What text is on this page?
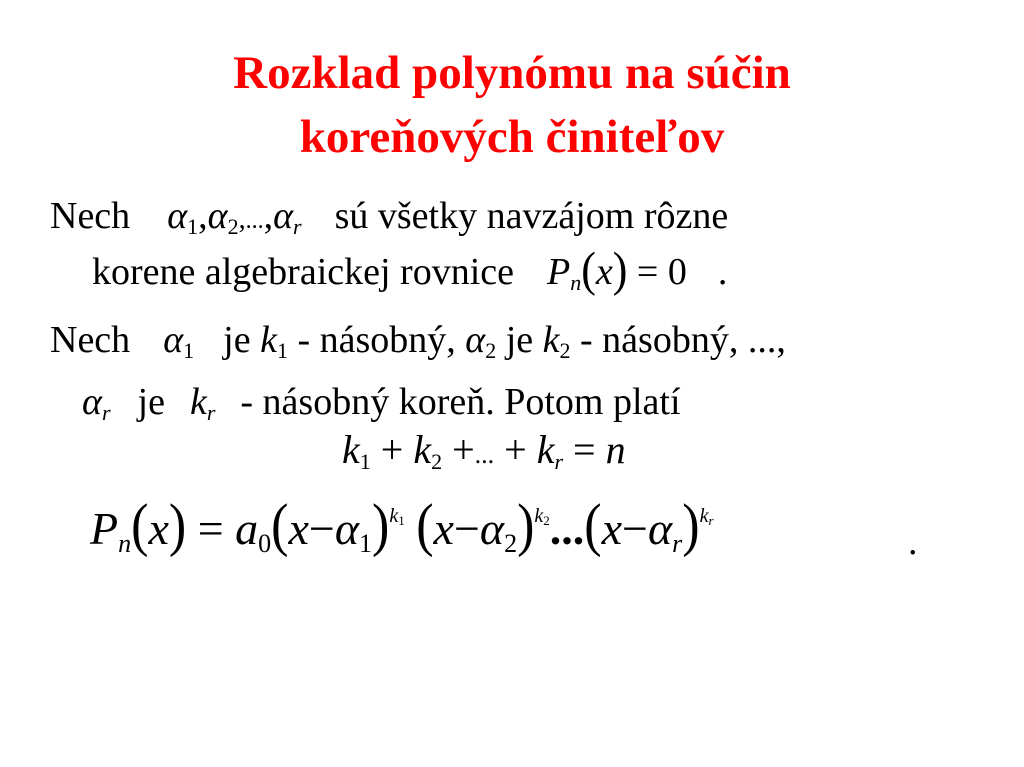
Rozklad polynómu na súčin
koreňových činiteľov
Nech α1,α2,...,αr sú všetky navzájom rôzne
korene algebraickej rovnice Pn(x) = 0 .
Nech α1 je k1 - násobný, α2 je k2 - násobný, ...,
αr je kr - násobný koreň. Potom platí
k1 + k2 +... + kr = n
$Pn(x) = a0(x-\alpha 1)^{k1}$ $(x-\alpha 2)^{k2}...(x-\alpha r)^{kr}$
.
